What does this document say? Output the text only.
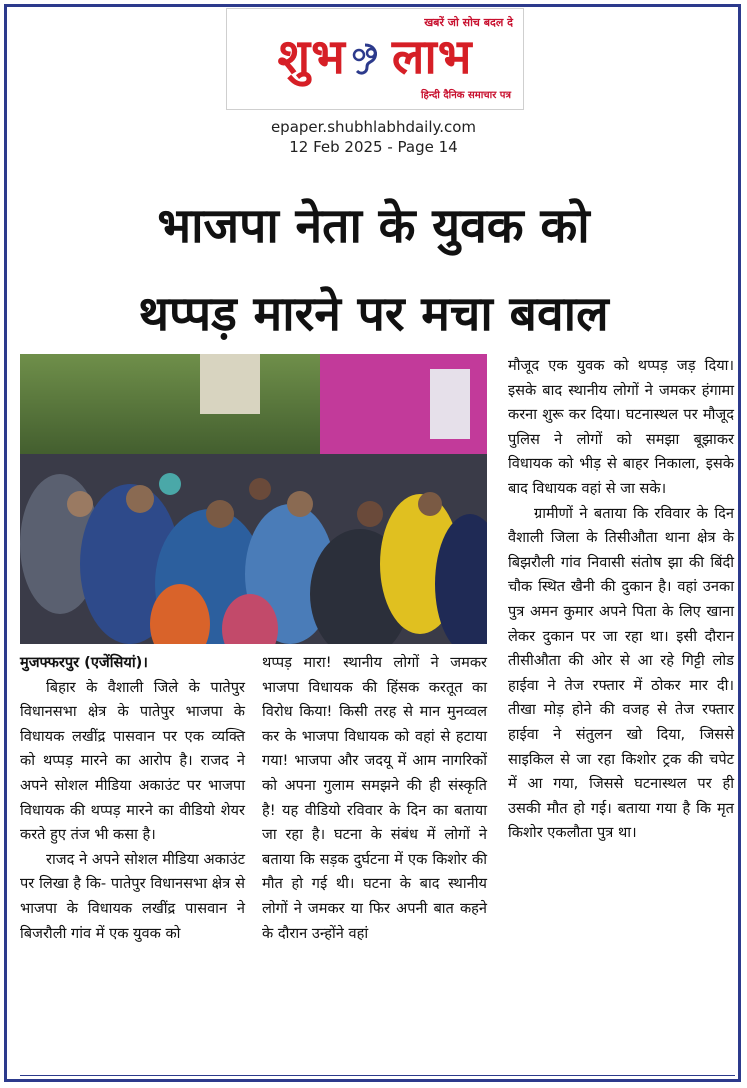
खबरें जो सोच बदल दे
शुभ लाभ
हिन्दी दैनिक समाचार पत्र
epaper.shubhlabhdaily.com
12 Feb 2025 - Page 14
भाजपा नेता के युवक को
थप्पड़ मारने पर मचा बवाल

मुजफ्फरपुर (एजेंसियां)।

बिहार के वैशाली जिले के पातेपुर विधानसभा क्षेत्र के पातेपुर भाजपा के विधायक लखींद्र पासवान पर एक व्यक्ति को थप्पड़ मारने का आरोप है। राजद ने अपने सोशल मीडिया अकाउंट पर भाजपा विधायक की थप्पड़ मारने का वीडियो शेयर करते हुए तंज भी कसा है।

राजद ने अपने सोशल मीडिया अकाउंट पर लिखा है कि- पातेपुर विधानसभा क्षेत्र से भाजपा के विधायक लखींद्र पासवान ने बिजरौली गांव में एक युवक को

थप्पड़ मारा! स्थानीय लोगों ने जमकर भाजपा विधायक की हिंसक करतूत का विरोध किया! किसी तरह से मान मुनव्वल कर के भाजपा विधायक को वहां से हटाया गया! भाजपा और जदयू में आम नागरिकों को अपना गुलाम समझने की ही संस्कृति है! यह वीडियो रविवार के दिन का बताया जा रहा है। घटना के संबंध में लोगों ने बताया कि सड़क दुर्घटना में एक किशोर की मौत हो गई थी। घटना के बाद स्थानीय लोगों ने जमकर या फिर अपनी बात कहने के दौरान उन्होंने वहां

मौजूद एक युवक को थप्पड़ जड़ दिया। इसके बाद स्थानीय लोगों ने जमकर हंगामा करना शुरू कर दिया। घटनास्थल पर मौजूद पुलिस ने लोगों को समझा बूझाकर विधायक को भीड़ से बाहर निकाला, इसके बाद विधायक वहां से जा सके।

ग्रामीणों ने बताया कि रविवार के दिन वैशाली जिला के तिसीऔता थाना क्षेत्र के बिझरौली गांव निवासी संतोष झा की बिंदी चौक स्थित खैनी की दुकान है। वहां उनका पुत्र अमन कुमार अपने पिता के लिए खाना लेकर दुकान पर जा रहा था। इसी दौरान तीसीऔता की ओर से आ रहे गिट्टी लोड हाईवा ने तेज रफ्तार में ठोकर मार दी। तीखा मोड़ होने की वजह से तेज रफ्तार हाईवा ने संतुलन खो दिया, जिससे साइकिल से जा रहा किशोर ट्रक की चपेट में आ गया, जिससे घटनास्थल पर ही उसकी मौत हो गई। बताया गया है कि मृत किशोर एकलौता पुत्र था।
